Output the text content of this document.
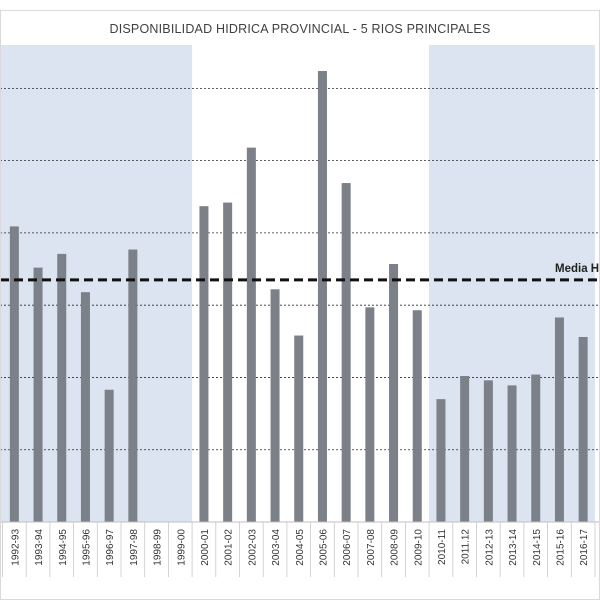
DISPONIBILIDAD HIDRICA PROVINCIAL - 5 RIOS PRINCIPALES
1992-93 1993-94 1994-95 1995-96 1996-97 1997-98 1998-99 1999-00 2000-01 2001-02 2002-03 2003-04 2004-05 2005-06 2006-07 2007-08 2008-09 2009-10 2010-11 2011.12 2012-13 2013-14 2014-15 2015-16 2016-17
Media H
